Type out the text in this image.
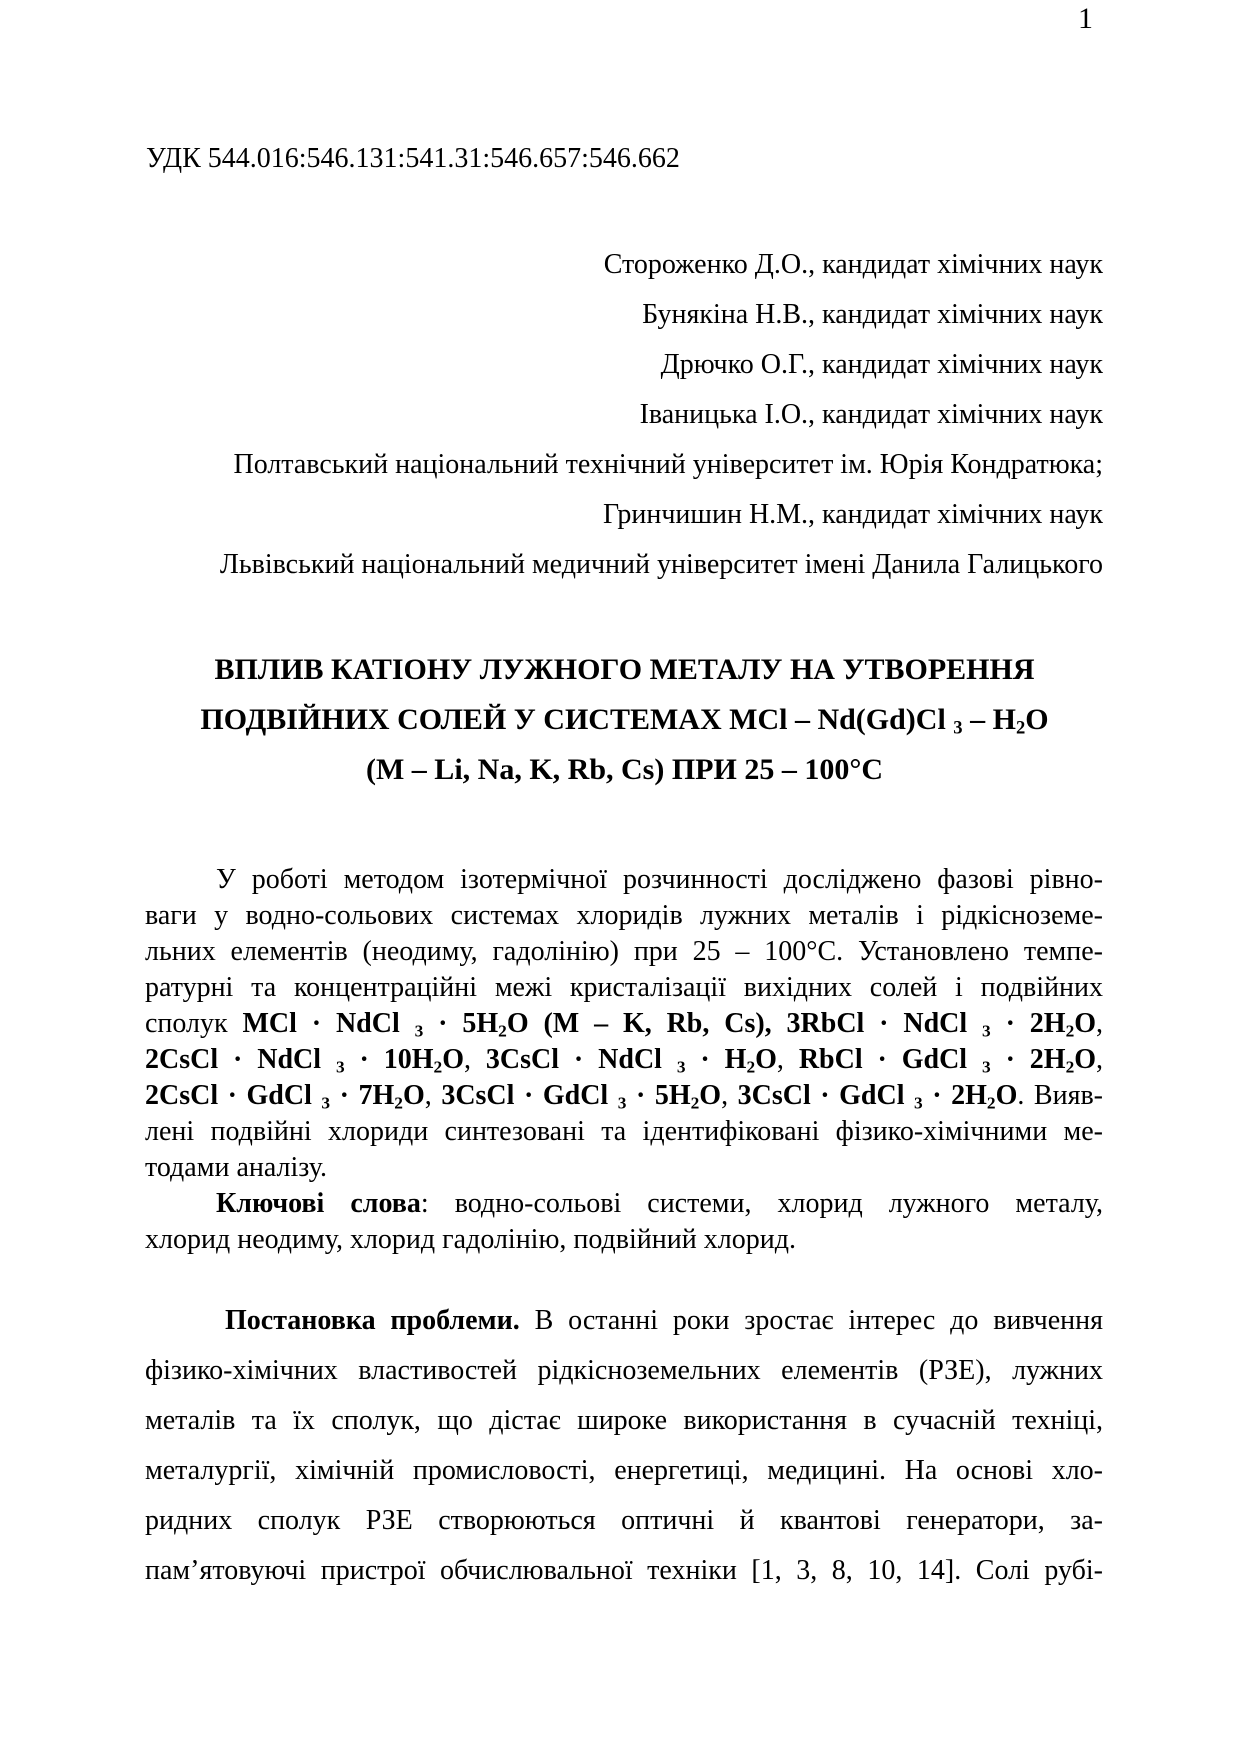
1
УДК 544.016:546.131:541.31:546.657:546.662
Стороженко Д.О., кандидат хімічних наук
Бунякіна Н.В., кандидат хімічних наук
Дрючко О.Г., кандидат хімічних наук
Іваницька І.О., кандидат хімічних наук
Полтавський національний технічний університет ім. Юрія Кондратюка;
Гринчишин Н.М., кандидат хімічних наук
Львівський національний медичний університет імені Данила Галицького
ВПЛИВ КАТІОНУ ЛУЖНОГО МЕТАЛУ НА УТВОРЕННЯ
ПОДВІЙНИХ СОЛЕЙ У СИСТЕМАХ MCl – Nd(Gd)Cl $_3 - H_2O$
(M – Li, Na, K, Rb, Cs) ПРИ 25 – 100°C
У роботі методом ізотермічної розчинності досліджено фазові рівно-
ваги у водно-сольових системах хлоридів лужних металів і рідкісноземе-
льних елементів (неодиму, гадолінію) при 25 – 100°C. Установлено темпе-
ратурні та концентраційні межі кристалізації вихідних солей і подвійних
сполук MCl · NdCl $_3 \cdot 5H_2O$ (M – K, Rb, Cs), 3RbCl · NdCl $_3 \cdot 2H_2O$,
2CsCl · NdCl $_3 \cdot 10H_2O$, 3CsCl · NdCl $_3 \cdot H_2O$, RbCl · GdCl $_3 \cdot 2H_2O$,
2CsCl · GdCl $_3 \cdot 7H_2O$, 3CsCl · GdCl $_3 \cdot 5H_2O$, 3CsCl · GdCl $_3 \cdot 2H_2O$. Вияв-
лені подвійні хлориди синтезовані та ідентифіковані фізико-хімічними ме-
тодами аналізу.
Ключові слова: водно-сольові системи, хлорид лужного металу,
хлорид неодиму, хлорид гадолінію, подвійний хлорид.
Постановка проблеми. В останні роки зростає інтерес до вивчення
фізико-хімічних властивостей рідкісноземельних елементів (РЗЕ), лужних
металів та їх сполук, що дістає широке використання в сучасній техніці,
металургії, хімічній промисловості, енергетиці, медицині. На основі хло-
ридних сполук РЗЕ створюються оптичні й квантові генератори, за-
пам’ятовуючі пристрої обчислювальної техніки [1, 3, 8, 10, 14]. Солі рубі-
